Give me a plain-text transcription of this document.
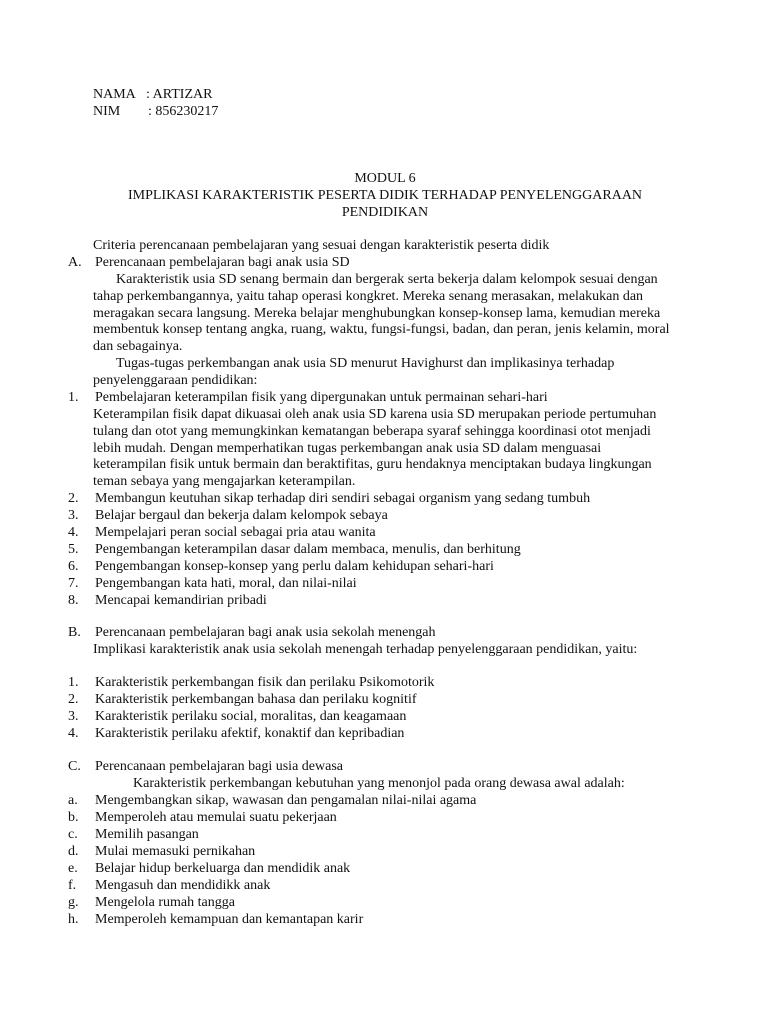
NAMA : ARTIZAR
NIM : 856230217
MODUL 6
IMPLIKASI KARAKTERISTIK PESERTA DIDIK TERHADAP PENYELENGGARAAN
PENDIDIKAN
Criteria perencanaan pembelajaran yang sesuai dengan karakteristik peserta didik
A. Perencanaan pembelajaran bagi anak usia SD
Karakteristik usia SD senang bermain dan bergerak serta bekerja dalam kelompok sesuai dengan tahap perkembangannya, yaitu tahap operasi kongkret. Mereka senang merasakan, melakukan dan meragakan secara langsung. Mereka belajar menghubungkan konsep-konsep lama, kemudian mereka membentuk konsep tentang angka, ruang, waktu, fungsi-fungsi, badan, dan peran, jenis kelamin, moral dan sebagainya.
Tugas-tugas perkembangan anak usia SD menurut Havighurst dan implikasinya terhadap penyelenggaraan pendidikan:
1. Pembelajaran keterampilan fisik yang dipergunakan untuk permainan sehari-hari
Keterampilan fisik dapat dikuasai oleh anak usia SD karena usia SD merupakan periode pertumuhan tulang dan otot yang memungkinkan kematangan beberapa syaraf sehingga koordinasi otot menjadi lebih mudah. Dengan memperhatikan tugas perkembangan anak usia SD dalam menguasai keterampilan fisik untuk bermain dan beraktifitas, guru hendaknya menciptakan budaya lingkungan teman sebaya yang mengajarkan keterampilan.
2. Membangun keutuhan sikap terhadap diri sendiri sebagai organism yang sedang tumbuh
3. Belajar bergaul dan bekerja dalam kelompok sebaya
4. Mempelajari peran social sebagai pria atau wanita
5. Pengembangan keterampilan dasar dalam membaca, menulis, dan berhitung
6. Pengembangan konsep-konsep yang perlu dalam kehidupan sehari-hari
7. Pengembangan kata hati, moral, dan nilai-nilai
8. Mencapai kemandirian pribadi
B. Perencanaan pembelajaran bagi anak usia sekolah menengah
Implikasi karakteristik anak usia sekolah menengah terhadap penyelenggaraan pendidikan, yaitu:
1. Karakteristik perkembangan fisik dan perilaku Psikomotorik
2. Karakteristik perkembangan bahasa dan perilaku kognitif
3. Karakteristik perilaku social, moralitas, dan keagamaan
4. Karakteristik perilaku afektif, konaktif dan kepribadian
C. Perencanaan pembelajaran bagi usia dewasa
Karakteristik perkembangan kebutuhan yang menonjol pada orang dewasa awal adalah:
a. Mengembangkan sikap, wawasan dan pengamalan nilai-nilai agama
b. Memperoleh atau memulai suatu pekerjaan
c. Memilih pasangan
d. Mulai memasuki pernikahan
e. Belajar hidup berkeluarga dan mendidik anak
f. Mengasuh dan mendidikk anak
g. Mengelola rumah tangga
h. Memperoleh kemampuan dan kemantapan karir
